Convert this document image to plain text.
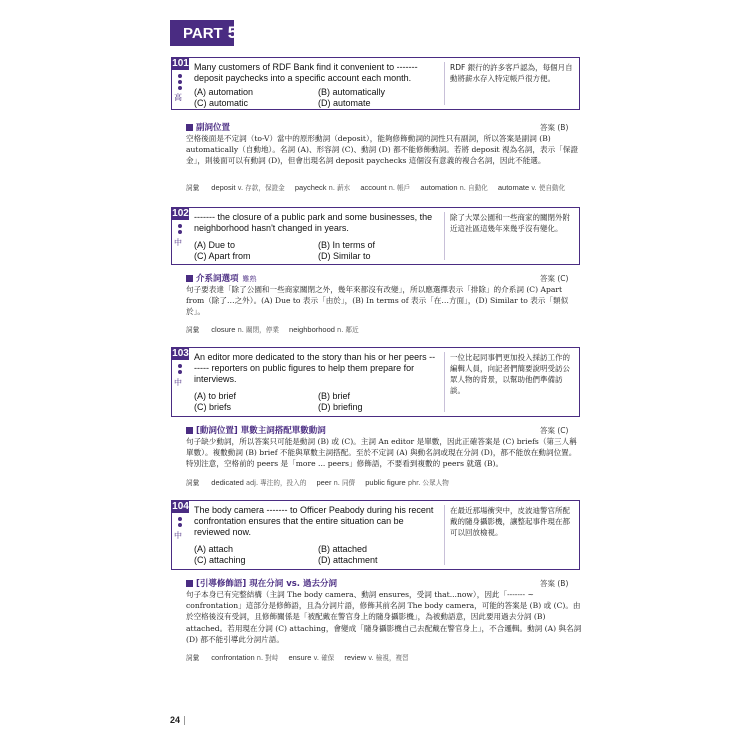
PART 5
101
高
Many customers of RDF Bank find it convenient to ------- deposit paychecks into a specific account each month.
(A) automation	(B) automatically
(C) automatic	(D) automate
RDF 銀行的許多客戶認為，每個月自動將薪水存入特定帳戶很方便。
副詞位置	答案 (B)
空格後面是不定詞（to-V）當中的原形動詞（deposit），能夠修飾動詞的詞性只有副詞，所以答案是副詞 (B) automatically（自動地）。名詞 (A)、形容詞 (C)、動詞 (D) 都不能修飾動詞。若將 deposit 視為名詞，表示「保證金」，則後面可以有動詞 (D)，但會出現名詞 deposit paychecks 這個沒有意義的複合名詞，因此不能選。
詞彙 deposit v. 存款，保證金 paycheck n. 薪水 account n. 帳戶 automation n. 自動化 automate v. 使自動化
102
中
------- the closure of a public park and some businesses, the neighborhood hasn't changed in years.
(A) Due to	(B) In terms of
(C) Apart from	(D) Similar to
除了大眾公園和一些商家的關閉外附近這社區這幾年來幾乎沒有變化。
介系詞選項 難熟	答案 (C)
句子要表達「除了公園和一些商家關閉之外，幾年來都沒有改變」，所以應選擇表示「排除」的介系詞 (C) Apart from（除了…之外）。(A) Due to 表示「由於」，(B) In terms of 表示「在…方面」，(D) Similar to 表示「類似於」。
詞彙 closure n. 關閉，停業 neighborhood n. 鄰近
103
中
An editor more dedicated to the story than his or her peers ------- reporters on public figures to help them prepare for interviews.
(A) to brief	(B) brief
(C) briefs	(D) briefing
一位比起同事們更加投入採訪工作的編輯人員，向記者們簡要說明受訪公眾人物的背景，以幫助他們準備訪談。
[動詞位置] 單數主詞搭配單數動詞	答案 (C)
句子缺少動詞，所以答案只可能是動詞 (B) 或 (C)。主詞 An editor 是單數，因此正確答案是 (C) briefs（第三人稱單數）。複數動詞 (B) brief 不能與單數主詞搭配。至於不定詞 (A) 與動名詞或現在分詞 (D)，都不能放在動詞位置。特別注意，空格前的 peers 是「more ... peers」修飾語，不要看到複數的 peers 就選 (B)。
詞彙 dedicated adj. 專注的，投入的 peer n. 同儕 public figure phr. 公眾人物
104
中
The body camera ------- to Officer Peabody during his recent confrontation ensures that the entire situation can be reviewed now.
(A) attach	(B) attached
(C) attaching	(D) attachment
在最近那場衝突中，皮波迪警官所配戴的隨身攝影機，讓整起事件現在都可以回放檢視。
[引導修飾語] 現在分詞 vs. 過去分詞	答案 (B)
句子本身已有完整結構（主詞 The body camera、動詞 ensures，受詞 that...now），因此「------- ~ confrontation」這部分是修飾語，且為分詞片語，修飾其前名詞 The body camera，可能的答案是 (B) 或 (C)。由於空格後沒有受詞，且修飾關係是「被配戴在警官身上的隨身攝影機」，為被動語意，因此要用過去分詞 (B) attached。若用現在分詞 (C) attaching，會變成「隨身攝影機自己去配戴在警官身上」，不合邏輯。動詞 (A) 與名詞 (D) 都不能引導此分詞片語。
詞彙 confrontation n. 對峙 ensure v. 確保 review v. 檢視，複習
24
